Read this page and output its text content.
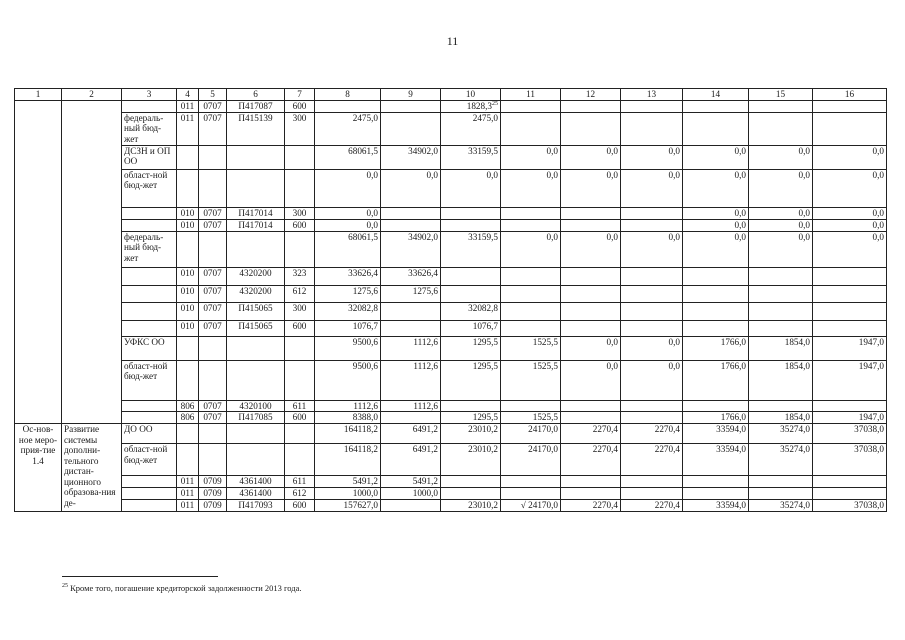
11
1	2	3	4	5	6	7	8	9	10	11	12	13	14	15	16
			011	0707	П417087	600			1828,3$^{25}$						
		федераль-ный бюд-жет	011	0707	П415139	300	2475,0		2475,0						
		ДСЗН и ОП ОО					68061,5	34902,0	33159,5	0,0	0,0	0,0	0,0	0,0	0,0
		област-ной бюд-жет					0,0	0,0	0,0	0,0	0,0	0,0	0,0	0,0	0,0
			010	0707	П417014	300	0,0						0,0	0,0	0,0
			010	0707	П417014	600	0,0						0,0	0,0	0,0
		федераль-ный бюд-жет					68061,5	34902,0	33159,5	0,0	0,0	0,0	0,0	0,0	0,0
			010	0707	4320200	323	33626,4	33626,4							
			010	0707	4320200	612	1275,6	1275,6							
			010	0707	П415065	300	32082,8		32082,8						
			010	0707	П415065	600	1076,7		1076,7						
		УФКС ОО					9500,6	1112,6	1295,5	1525,5	0,0	0,0	1766,0	1854,0	1947,0
		област-ной бюд-жет					9500,6	1112,6	1295,5	1525,5	0,0	0,0	1766,0	1854,0	1947,0
			806	0707	4320100	611	1112,6	1112,6							
			806	0707	П417085	600	8388,0		1295,5	1525,5			1766,0	1854,0	1947,0
Ос-нов-ное меро-прия-тие 1.4	Развитие системы дополни-тельного дистан-ционного образова-ния де-	ДО ОО					164118,2	6491,2	23010,2	24170,0	2270,4	2270,4	33594,0	35274,0	37038,0
		област-ной бюд-жет					164118,2	6491,2	23010,2	24170,0	2270,4	2270,4	33594,0	35274,0	37038,0
			011	0709	4361400	611	5491,2	5491,2							
			011	0709	4361400	612	1000,0	1000,0							
			011	0709	П417093	600	157627,0		23010,2	√ 24170,0	2270,4	2270,4	33594,0	35274,0	37038,0
$^{25}$ Кроме того, погашение кредиторской задолженности 2013 года.
